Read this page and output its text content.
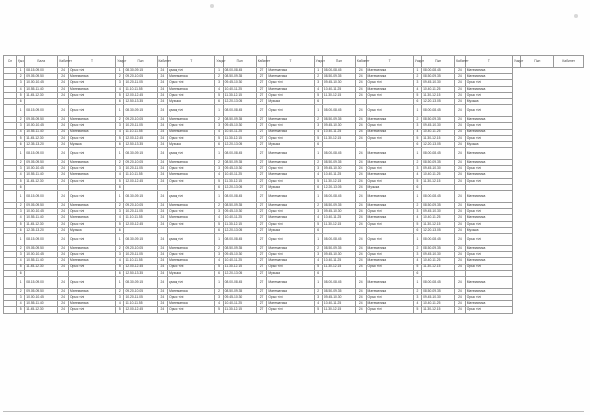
Сн	Қыз	Бала	Кабинет	Т	Уақыт	Пән	Кабинет	Т	Уақыт	Пән	Кабинет	Т	Уақыт	Пән	Кабинет	Т	Уақыт	Пән	Кабинет	Т	Уақыт	Пән	Кабинет
	1	08.15-09.00	24	Орыс тілі	1	08.30-09.15	24	қазақ тілі	1	08.00-08.45	27	Математика	1	08.00-08.45	24	Математика	1	08.00-08.45	24	Математика			
	2	09.05-09.50	24	Математика	2	09.20-10.05	24	Математика	2	08.50-09.35	27	Математика	2	08.50-09.35	24	Математика	2	08.50-09.35	24	Математика			
	3	10.00-10.45	24	Орыс тілі	3	10.20-11.05	24	Орыс тілі	3	09.45-10.30	27	Орыс тілі	3	09.45-10.30	24	Орыс тілі	3	09.45-10.30	24	Орыс тілі			
	4	10.55-11.40	24	Математика	4	11.10-11.55	24	Математика	4	10.40-11.25	27	Математика	4	10.40-11.25	24	Математика	4	10.40-11.25	24	Математика			
	5	11.45-12.30	24	Орыс тілі	5	12.00-12.45	24	Орыс тілі	5	11.30-12.15	27	Орыс тілі	5	11.30-12.15	24	Орыс тілі	5	11.30-12.15	24	Орыс тілі			
	6				6	12.50-13.35	24	Музыка	6	12.20-13.05	27	Музыка	6				6	12.20-13.05	24	Музыка			
	1	08.15-09.00	24	Орыс тілі	1	08.30-09.15	24	қазақ тілі	1	08.00-08.45	27	Орыс тілі	1	08.00-08.45	24	Орыс тілі	1	08.00-08.45	24	Орыс тілі			
	2	09.05-09.50	24	Математика	2	09.20-10.05	24	Математика	2	08.50-09.35	27	Математика	2	08.50-09.35	24	Математика	2	08.50-09.35	24	Математика			
	3	10.00-10.45	24	Орыс тілі	3	10.20-11.05	24	Орыс тілі	3	09.45-10.30	27	Орыс тілі	3	09.45-10.30	24	Орыс тілі	3	09.45-10.30	24	Орыс тілі			
	4	10.55-11.40	24	Математика	4	11.10-11.55	24	Математика	4	10.40-11.25	27	Математика	4	10.40-11.25	24	Математика	4	10.40-11.25	24	Математика			
	5	11.45-12.30	24	Орыс тілі	5	12.00-12.45	24	Орыс тілі	5	11.30-12.15	27	Орыс тілі	5	11.30-12.15	24	Орыс тілі	5	11.30-12.15	24	Орыс тілі			
	6	12.35-13.20	24	Музыка	6	12.50-13.35	24	Музыка	6	12.20-13.05	27	Музыка	6				6	12.20-13.05	24	Музыка			
	1	08.15-09.00	24	Орыс тілі	1	08.30-09.15	24	қазақ тілі	1	08.00-08.45	27	Математика	1	08.00-08.45	24	Математика	1	08.00-08.45	24	Математика			
	2	09.05-09.50	24	Математика	2	09.20-10.05	24	Математика	2	08.50-09.35	27	Математика	2	08.50-09.35	24	Математика	2	08.50-09.35	24	Математика			
	3	10.00-10.45	24	Орыс тілі	3	10.20-11.05	24	Орыс тілі	3	09.45-10.30	27	Орыс тілі	3	09.45-10.30	24	Орыс тілі	3	09.45-10.30	24	Орыс тілі			
	4	10.55-11.40	24	Математика	4	11.10-11.55	24	Математика	4	10.40-11.25	27	Математика	4	10.40-11.25	24	Математика	4	10.40-11.25	24	Математика			
	5	11.45-12.30	24	Орыс тілі	5	12.00-12.45	24	Орыс тілі	5	11.30-12.15	27	Орыс тілі	5	11.30-12.15	24	Орыс тілі	5	11.30-12.15	24	Орыс тілі			
	6				6				6	12.20-13.05	27	Музыка	6	12.20-13.05	24	Музыка	6						
	1	08.15-09.00	24	Орыс тілі	1	08.30-09.15	24	қазақ тілі	1	08.00-08.45	27	Математика	1	08.00-08.45	24	Математика	1	08.00-08.45	24	Математика			
	2	09.05-09.50	24	Математика	2	09.20-10.05	24	Математика	2	08.50-09.35	27	Математика	2	08.50-09.35	24	Математика	2	08.50-09.35	24	Математика			
	3	10.00-10.45	24	Орыс тілі	3	10.20-11.05	24	Орыс тілі	3	09.45-10.30	27	Орыс тілі	3	09.45-10.30	24	Орыс тілі	3	09.45-10.30	24	Орыс тілі			
	4	10.55-11.40	24	Математика	4	11.10-11.55	24	Математика	4	10.40-11.25	27	Математика	4	10.40-11.25	24	Математика	4	10.40-11.25	24	Математика			
	5	11.45-12.30	24	Орыс тілі	5	12.00-12.45	24	Орыс тілі	5	11.30-12.15	27	Орыс тілі	5	11.30-12.15	24	Орыс тілі	5	11.30-12.15	24	Орыс тілі			
	6	12.35-13.20	24	Музыка	6				6	12.20-13.05	27	Музыка	6				6	12.20-13.05	24	Музыка			
	1	08.15-09.00	24	Орыс тілі	1	08.30-09.15	24	қазақ тілі	1	08.00-08.45	27	Орыс тілі	1	08.00-08.45	24	Орыс тілі	1	08.00-08.45	24	Орыс тілі			
	2	09.05-09.50	24	Математика	2	09.20-10.05	24	Математика	2	08.50-09.35	27	Математика	2	08.50-09.35	24	Математика	2	08.50-09.35	24	Математика			
	3	10.00-10.45	24	Орыс тілі	3	10.20-11.05	24	Орыс тілі	3	09.45-10.30	27	Орыс тілі	3	09.45-10.30	24	Орыс тілі	3	09.45-10.30	24	Орыс тілі			
	4	10.55-11.40	24	Математика	4	11.10-11.55	24	Математика	4	10.40-11.25	27	Математика	4	10.40-11.25	24	Математика	4	10.40-11.25	24	Математика			
	5	11.45-12.30	24	Орыс тілі	5	12.00-12.45	24	Орыс тілі	5	11.30-12.15	27	Орыс тілі	5	11.30-12.15	24	Орыс тілі	5	11.30-12.15	24	Орыс тілі			
	6				6	12.50-13.35	24	Музыка	6	12.20-13.05	27	Музыка	6				6						
	1	08.15-09.00	24	Орыс тілі	1	08.30-09.15	24	қазақ тілі	1	08.00-08.45	27	Математика	1	08.00-08.45	24	Математика	1	08.00-08.45	24	Математика			
	2	09.05-09.50	24	Математика	2	09.20-10.05	24	Математика	2	08.50-09.35	27	Математика	2	08.50-09.35	24	Математика	2	08.50-09.35	24	Математика			
	3	10.00-10.45	24	Орыс тілі	3	10.20-11.05	24	Орыс тілі	3	09.45-10.30	27	Орыс тілі	3	09.45-10.30	24	Орыс тілі	3	09.45-10.30	24	Орыс тілі			
	4	10.55-11.40	24	Математика	4	11.10-11.55	24	Математика	4	10.40-11.25	27	Математика	4	10.40-11.25	24	Математика	4	10.40-11.25	24	Математика			
	5	11.45-12.30	24	Орыс тілі	5	12.00-12.45	24	Орыс тілі	5	11.30-12.15	27	Орыс тілі	5	11.30-12.15	24	Орыс тілі	5	11.30-12.15	24	Орыс тілі			
